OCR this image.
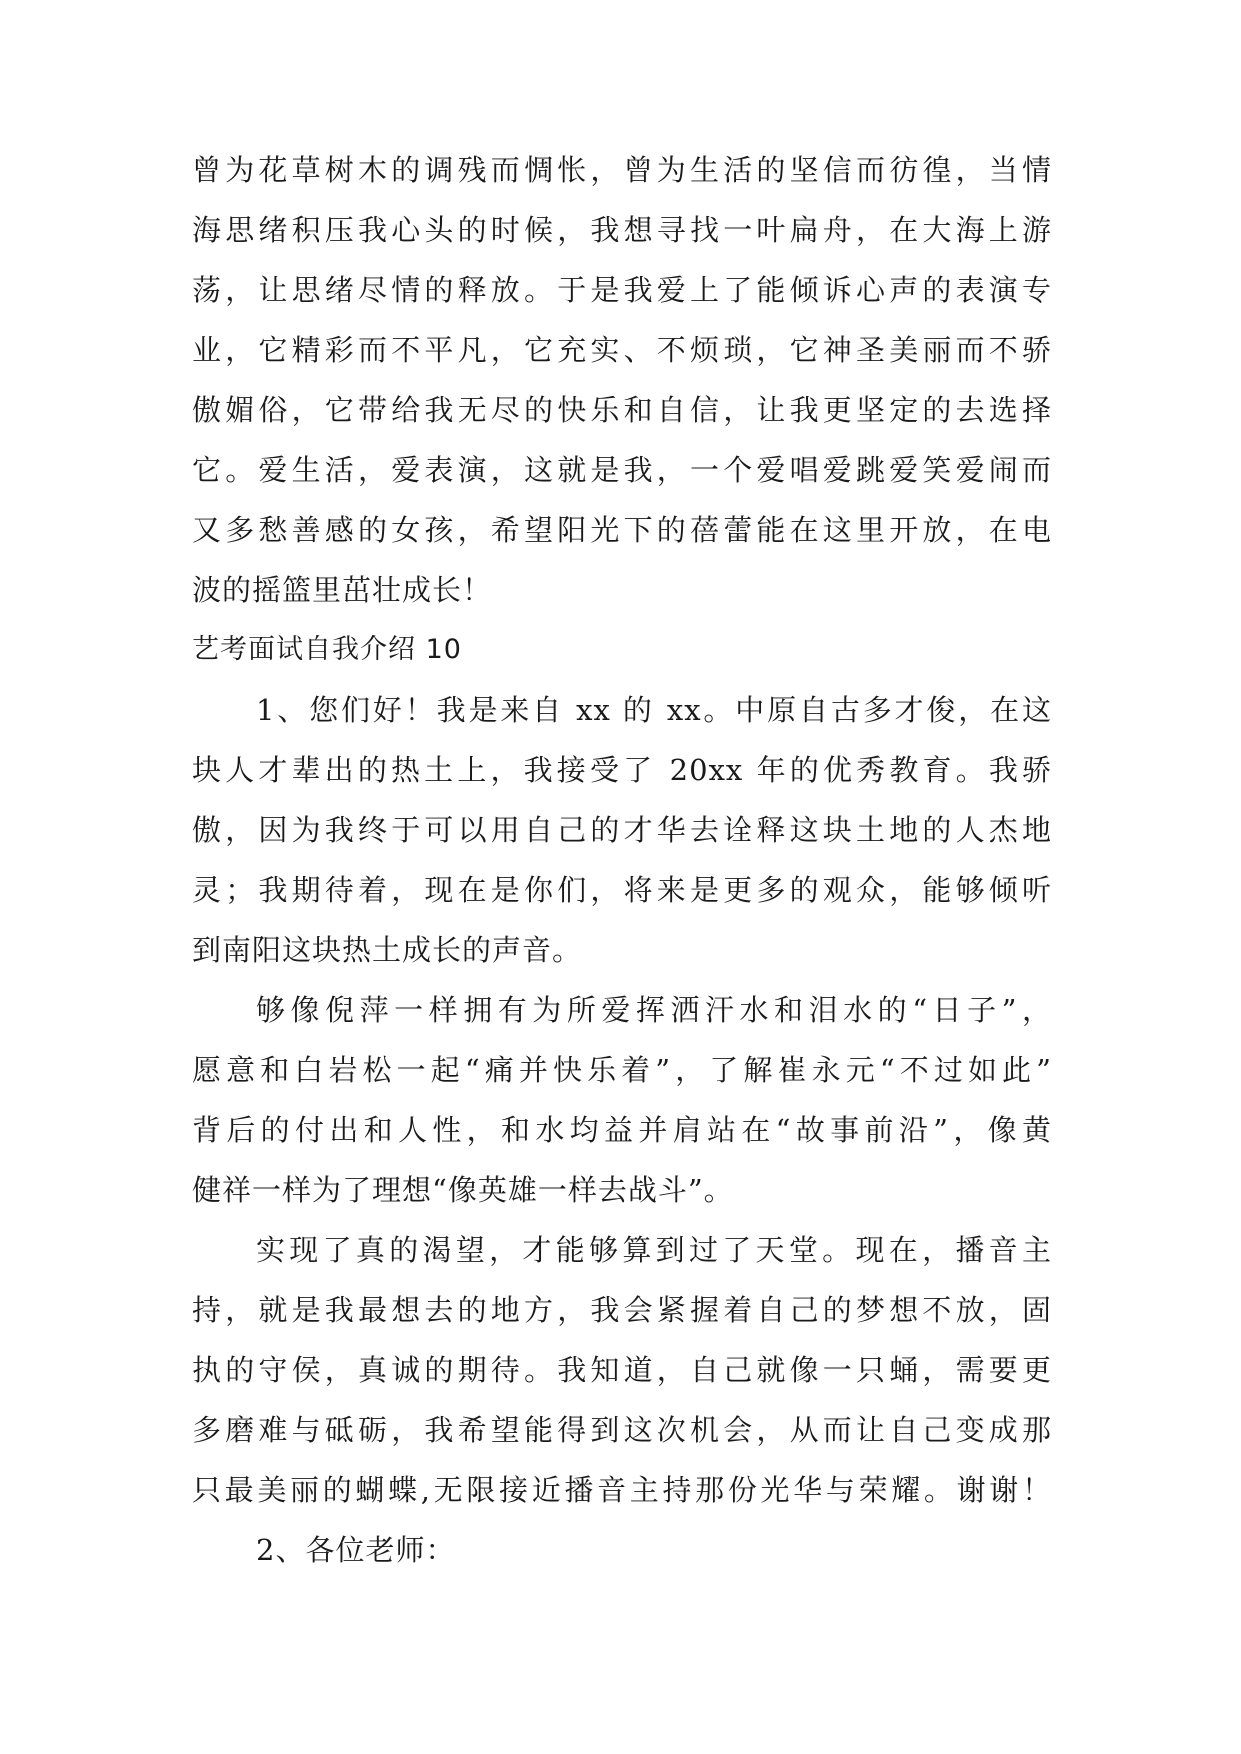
曾为花草树木的调残而惆怅，曾为生活的坚信而彷徨，当情
海思绪积压我心头的时候，我想寻找一叶扁舟，在大海上游
荡，让思绪尽情的释放。于是我爱上了能倾诉心声的表演专
业，它精彩而不平凡，它充实、不烦琐，它神圣美丽而不骄
傲媚俗，它带给我无尽的快乐和自信，让我更坚定的去选择
它。爱生活，爱表演，这就是我，一个爱唱爱跳爱笑爱闹而
又多愁善感的女孩，希望阳光下的蓓蕾能在这里开放，在电
波的摇篮里茁壮成长！
艺考面试自我介绍 10
1、您们好！我是来自 xx 的 xx。中原自古多才俊，在这
块人才辈出的热土上，我接受了 20xx 年的优秀教育。我骄
傲，因为我终于可以用自己的才华去诠释这块土地的人杰地
灵；我期待着，现在是你们，将来是更多的观众，能够倾听
到南阳这块热土成长的声音。
够像倪萍一样拥有为所爱挥洒汗水和泪水的“日子”，
愿意和白岩松一起“痛并快乐着”，了解崔永元“不过如此”
背后的付出和人性，和水均益并肩站在“故事前沿”，像黄
健祥一样为了理想“像英雄一样去战斗”。
实现了真的渴望，才能够算到过了天堂。现在，播音主
持，就是我最想去的地方，我会紧握着自己的梦想不放，固
执的守侯，真诚的期待。我知道，自己就像一只蛹，需要更
多磨难与砥砺，我希望能得到这次机会，从而让自己变成那
只最美丽的蝴蝶,无限接近播音主持那份光华与荣耀。谢谢！
2、各位老师：
